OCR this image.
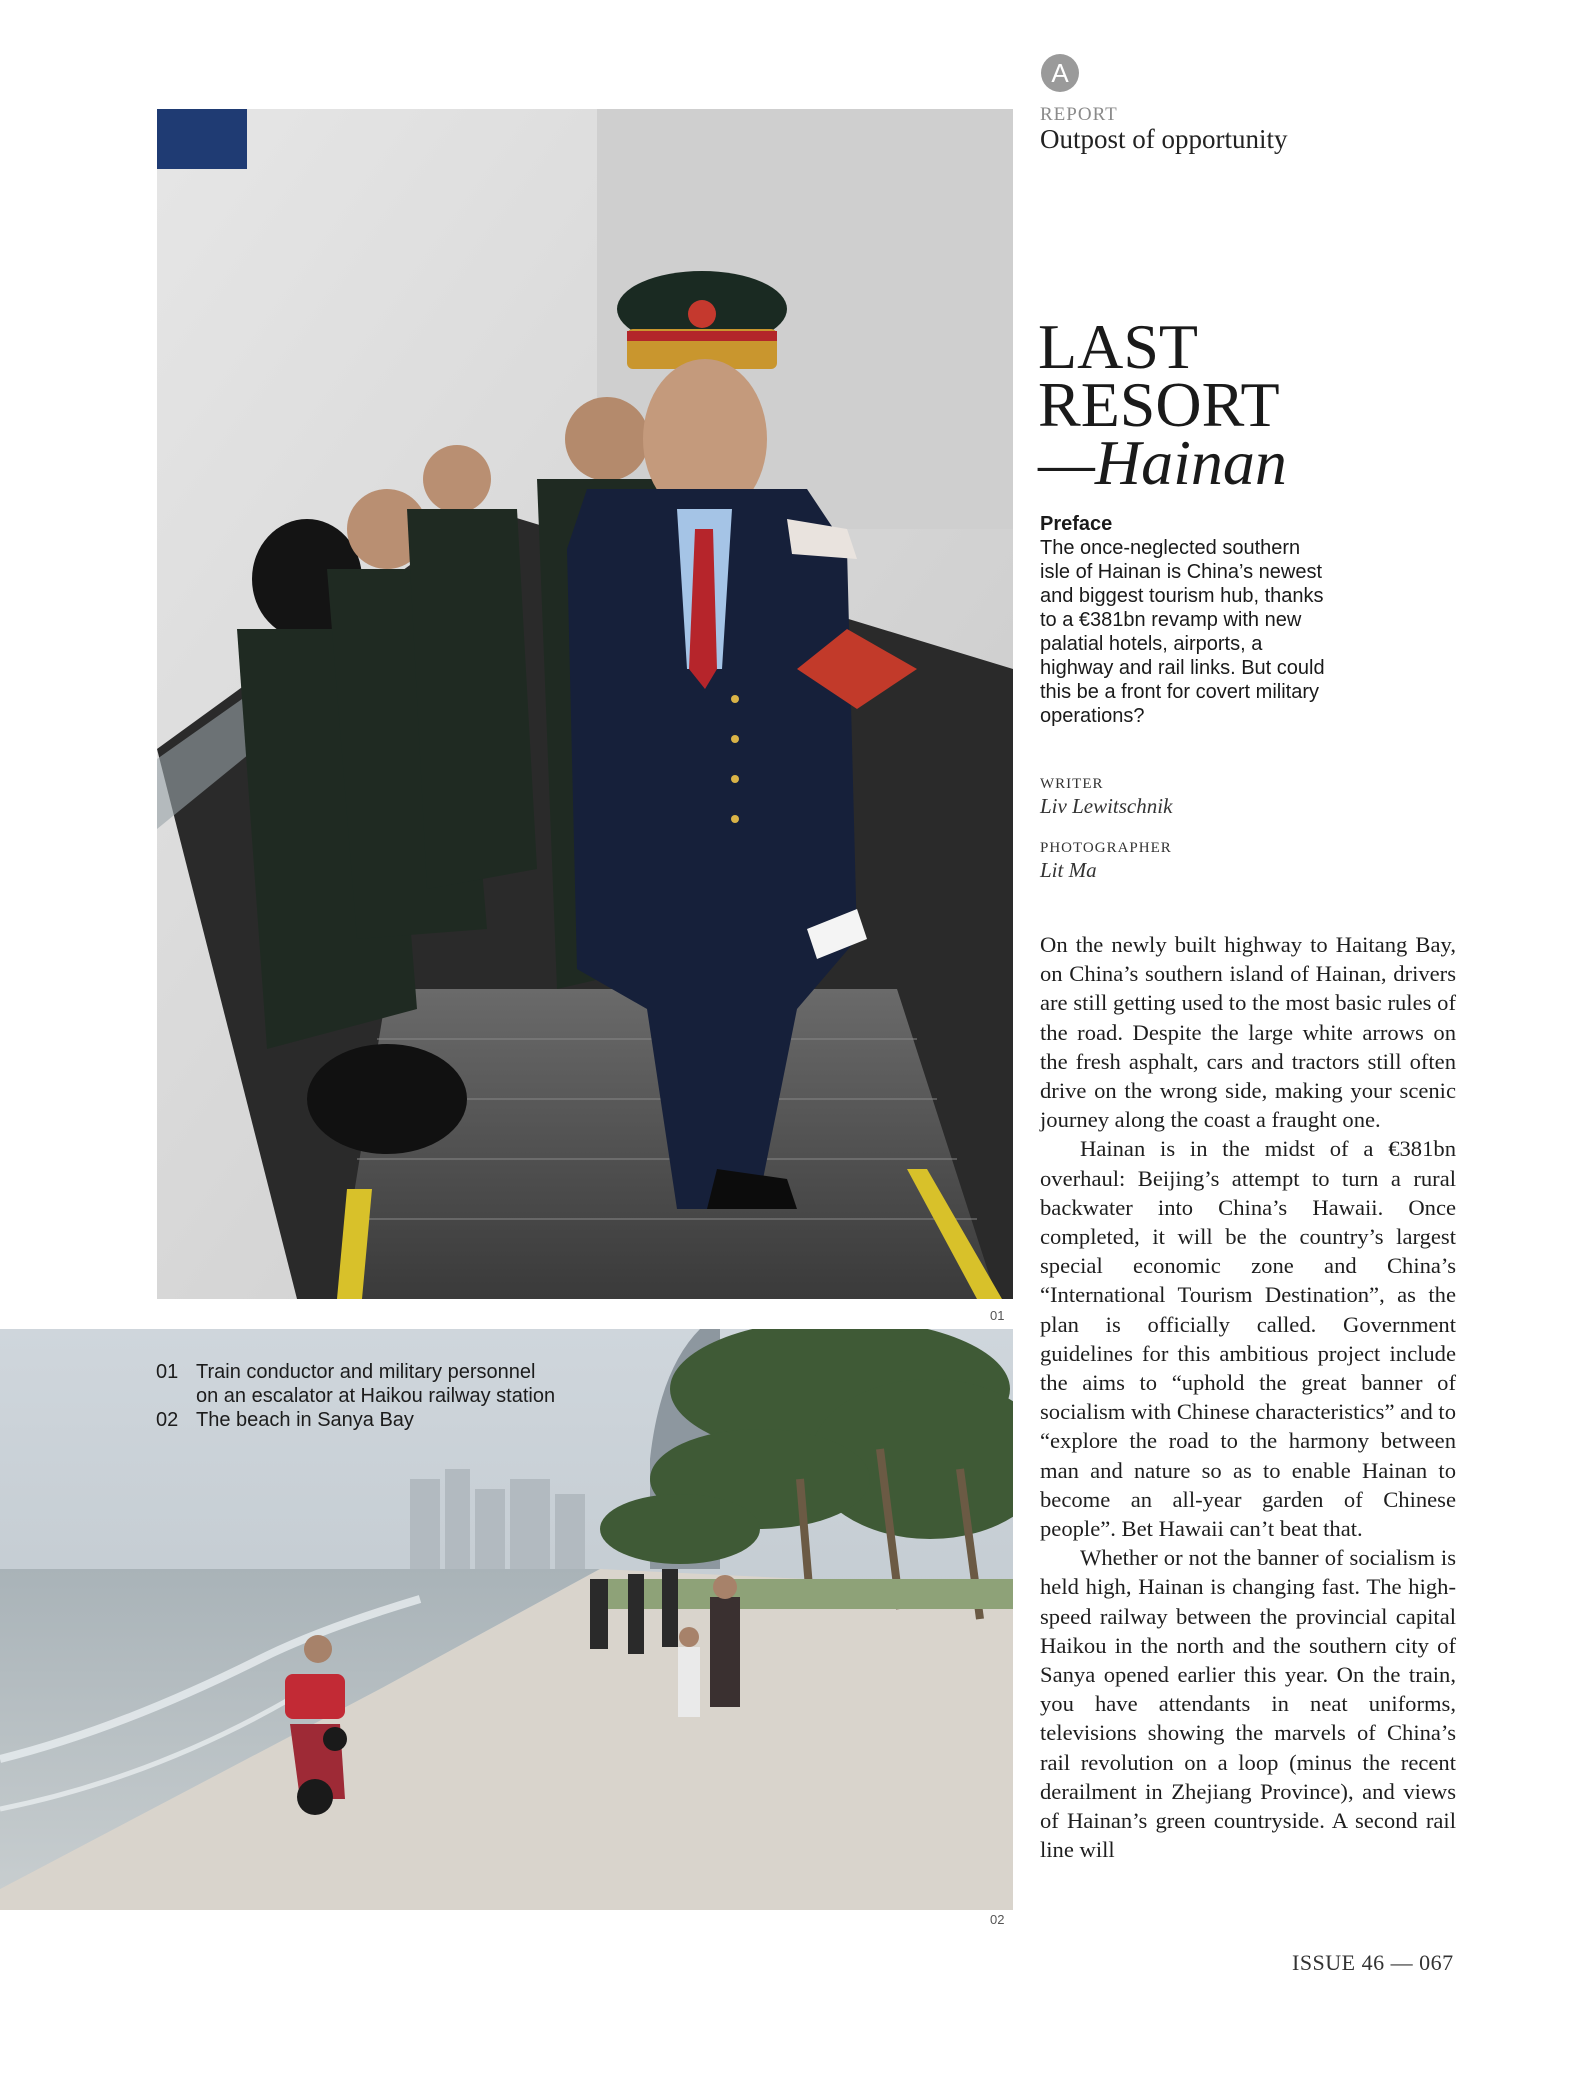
A
REPORT
Outpost of opportunity
LAST
RESORT
—Hainan
Preface
The once-neglected southern isle of Hainan is China’s newest and biggest tourism hub, thanks to a €381bn revamp with new palatial hotels, airports, a highway and rail links. But could this be a front for covert military operations?
WRITER
Liv Lewitschnik
PHOTOGRAPHER
Lit Ma

On the newly built highway to Haitang Bay, on China’s southern island of Hainan, drivers are still getting used to the most basic rules of the road. Despite the large white arrows on the fresh asphalt, cars and tractors still often drive on the wrong side, making your scenic journey along the coast a fraught one.

Hainan is in the midst of a €381bn overhaul: Beijing’s attempt to turn a rural backwater into China’s Hawaii. Once completed, it will be the country’s largest special economic zone and China’s “International Tourism Destination”, as the plan is officially called. Government guidelines for this ambitious project include the aims to “uphold the great banner of socialism with Chinese characteristics” and to “explore the road to the harmony between man and nature so as to enable Hainan to become an all-year garden of Chinese people”. Bet Hawaii can’t beat that.

Whether or not the banner of socialism is held high, Hainan is changing fast. The high-speed railway between the provincial capital Haikou in the north and the southern city of Sanya opened earlier this year. On the train, you have attendants in neat uniforms, televisions showing the marvels of China’s rail revolution on a loop (minus the recent derailment in Zhejiang Province), and views of Hainan’s green countryside. A second rail line will

01
02
01 Train conductor and military personnel
on an escalator at Haikou railway station
02 The beach in Sanya Bay
ISSUE 46 — 067
